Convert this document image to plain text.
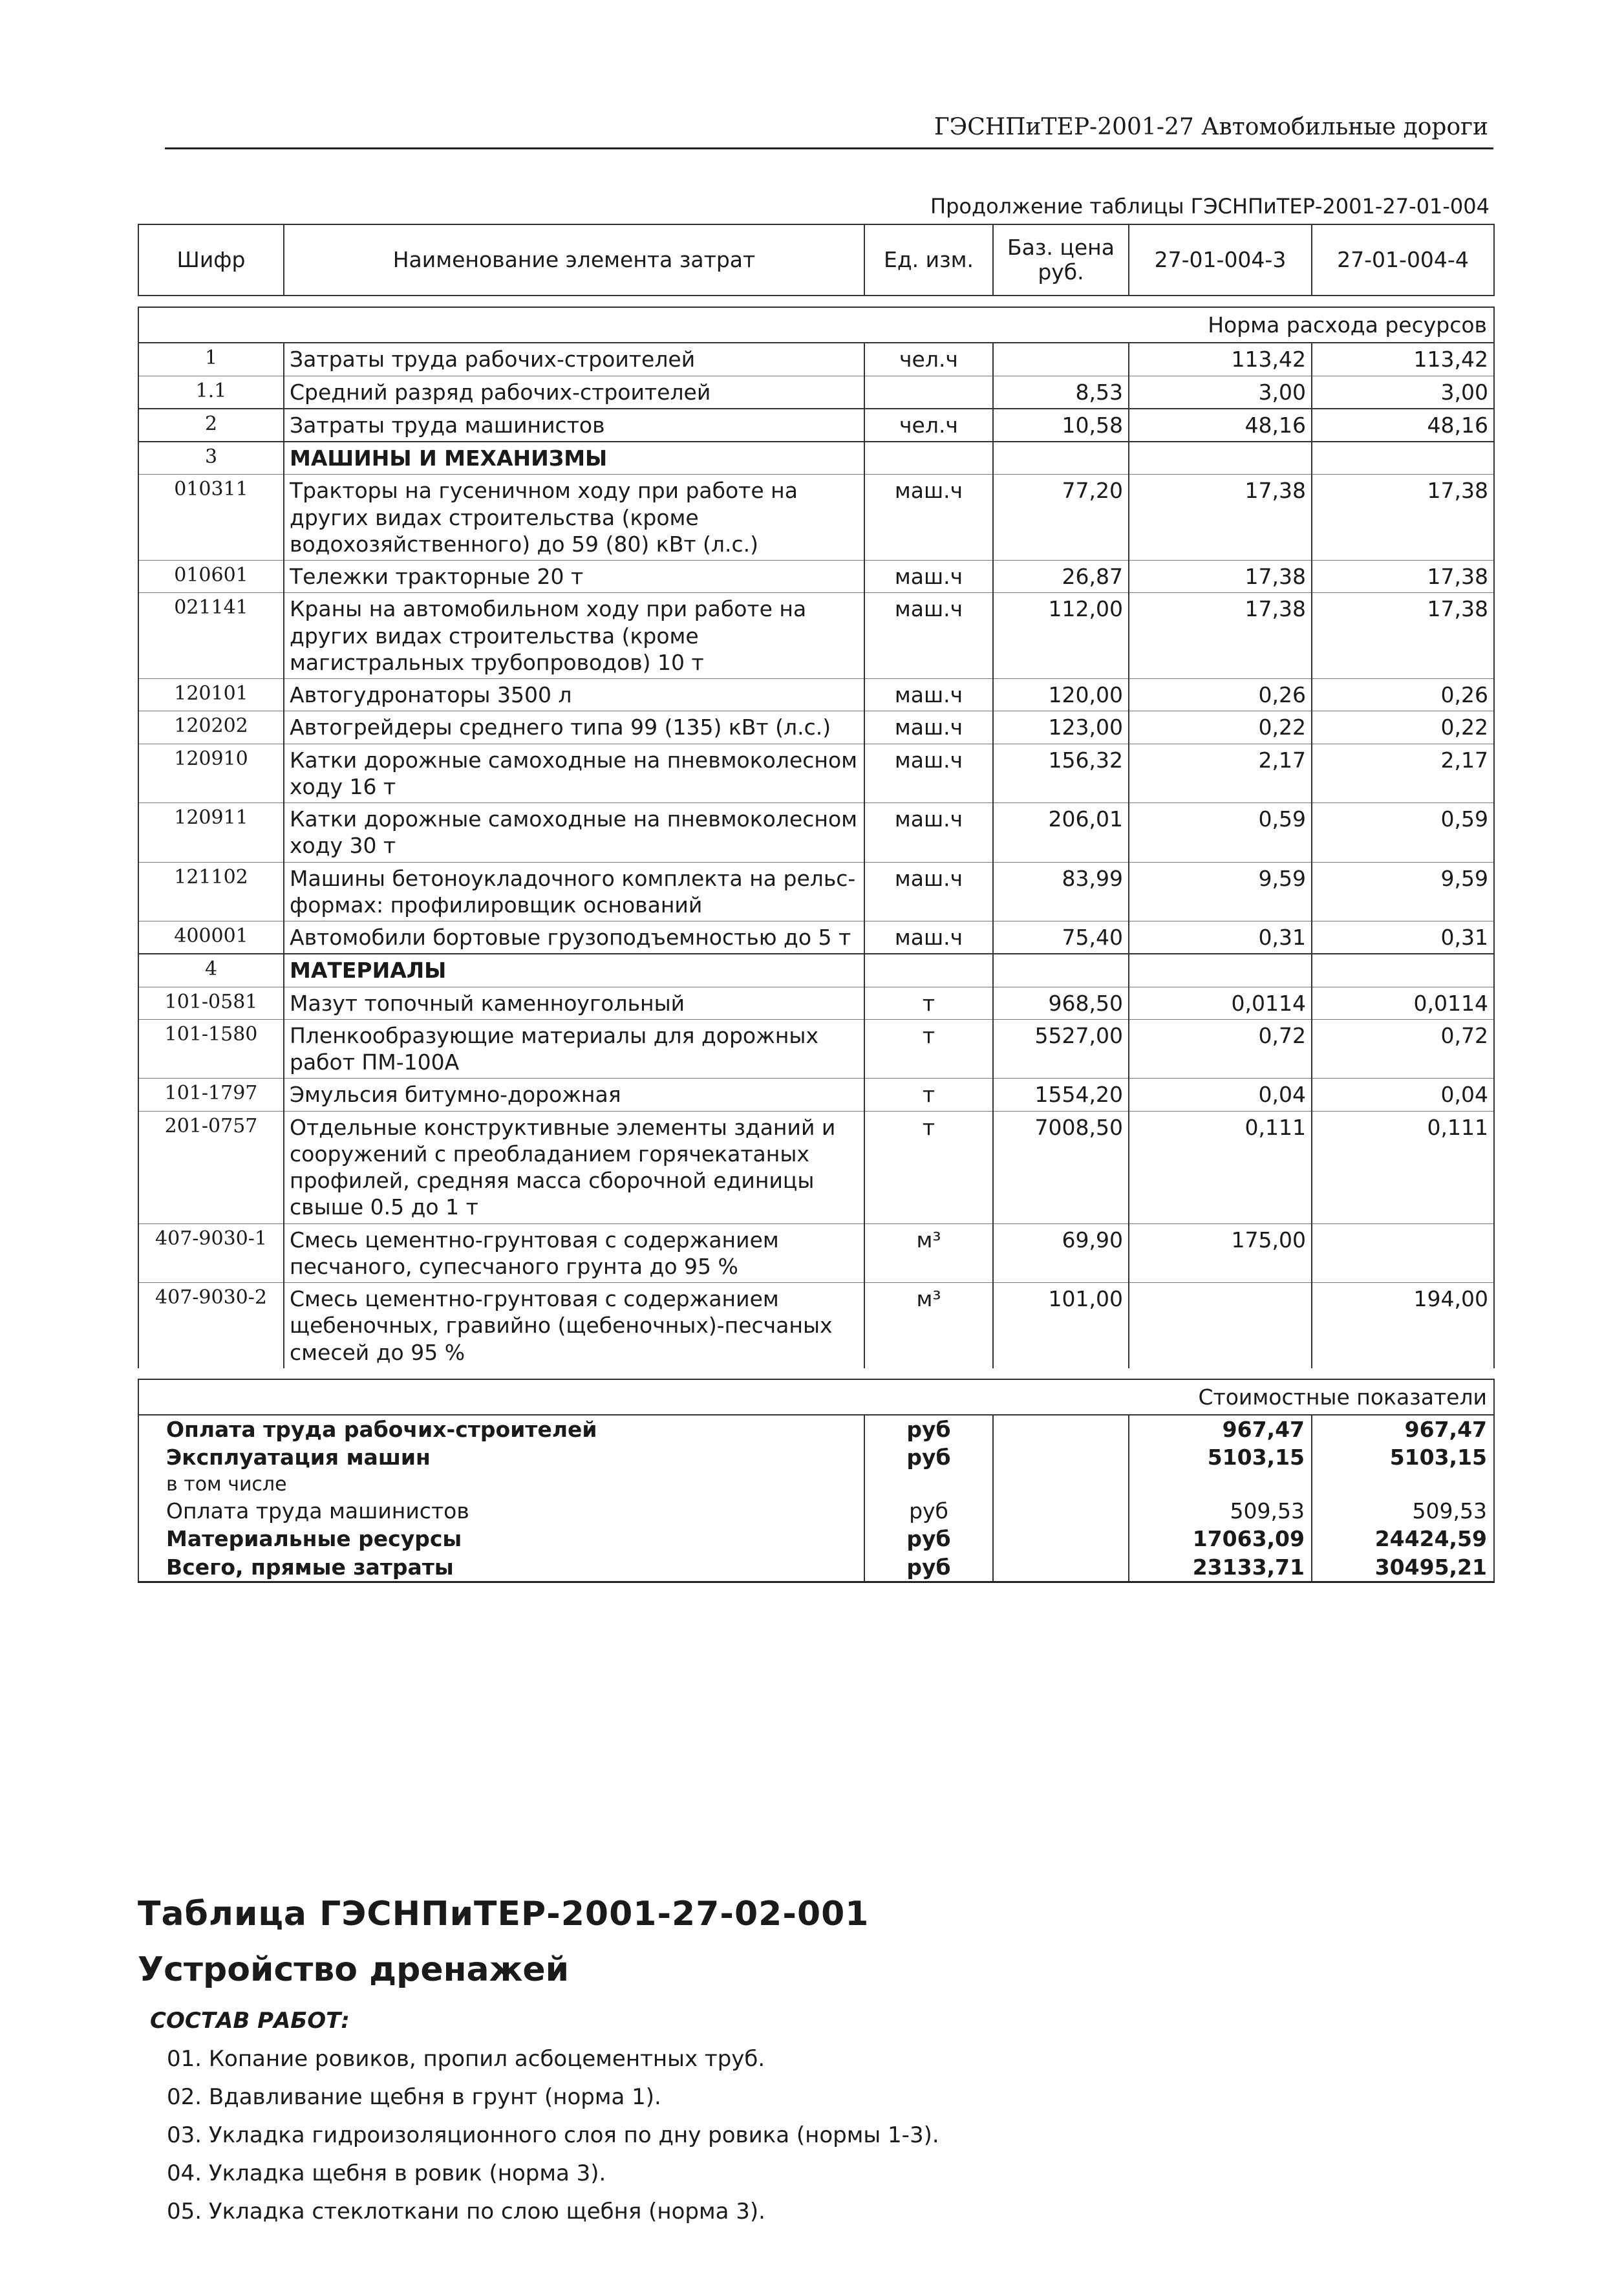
ГЭСНПиТЕР-2001-27 Автомобильные дороги
Продолжение таблицы ГЭСНПиТЕР-2001-27-01-004
Шифр	Наименование элемента затрат	Ед. изм.	Баз. цена руб.	27-01-004-3	27-01-004-4

Норма расхода ресурсов					
1	Затраты труда рабочих-строителей	чел.ч		113,42	113,42
1.1	Средний разряд рабочих-строителей		8,53	3,00	3,00
2	Затраты труда машинистов	чел.ч	10,58	48,16	48,16
3	МАШИНЫ И МЕХАНИЗМЫ				
010311	Тракторы на гусеничном ходу при работе на других видах строительства (кроме водохозяйственного) до 59 (80) кВт (л.с.)	маш.ч	77,20	17,38	17,38
010601	Тележки тракторные 20 т	маш.ч	26,87	17,38	17,38
021141	Краны на автомобильном ходу при работе на других видах строительства (кроме магистральных трубопроводов) 10 т	маш.ч	112,00	17,38	17,38
120101	Автогудронаторы 3500 л	маш.ч	120,00	0,26	0,26
120202	Автогрейдеры среднего типа 99 (135) кВт (л.с.)	маш.ч	123,00	0,22	0,22
120910	Катки дорожные самоходные на пневмоколесном ходу 16 т	маш.ч	156,32	2,17	2,17
120911	Катки дорожные самоходные на пневмоколесном ходу 30 т	маш.ч	206,01	0,59	0,59
121102	Машины бетоноукладочного комплекта на рельс-формах: профилировщик оснований	маш.ч	83,99	9,59	9,59
400001	Автомобили бортовые грузоподъемностью до 5 т	маш.ч	75,40	0,31	0,31
4	МАТЕРИАЛЫ				
101-0581	Мазут топочный каменноугольный	т	968,50	0,0114	0,0114
101-1580	Пленкообразующие материалы для дорожных работ ПМ-100А	т	5527,00	0,72	0,72
101-1797	Эмульсия битумно-дорожная	т	1554,20	0,04	0,04
201-0757	Отдельные конструктивные элементы зданий и сооружений с преобладанием горячекатаных профилей, средняя масса сборочной единицы свыше 0.5 до 1 т	т	7008,50	0,111	0,111
407-9030-1	Смесь цементно-грунтовая с содержанием песчаного, супесчаного грунта до 95 %	м³	69,90	175,00	
407-9030-2	Смесь цементно-грунтовая с содержанием щебеночных, гравийно (щебеночных)-песчаных смесей до 95 %	м³	101,00		194,00

Стоимостные показатели					
Оплата труда рабочих-строителей		руб		967,47	967,47
Эксплуатация машин		руб		5103,15	5103,15
в том числе					
Оплата труда машинистов		руб		509,53	509,53
Материальные ресурсы		руб		17063,09	24424,59
Всего, прямые затраты		руб		23133,71	30495,21
Таблица ГЭСНПиТЕР-2001-27-02-001
Устройство дренажей
СОСТАВ РАБОТ:
01. Копание ровиков, пропил асбоцементных труб.
02. Вдавливание щебня в грунт (норма 1).
03. Укладка гидроизоляционного слоя по дну ровика (нормы 1-3).
04. Укладка щебня в ровик (норма 3).
05. Укладка стеклоткани по слою щебня (норма 3).
